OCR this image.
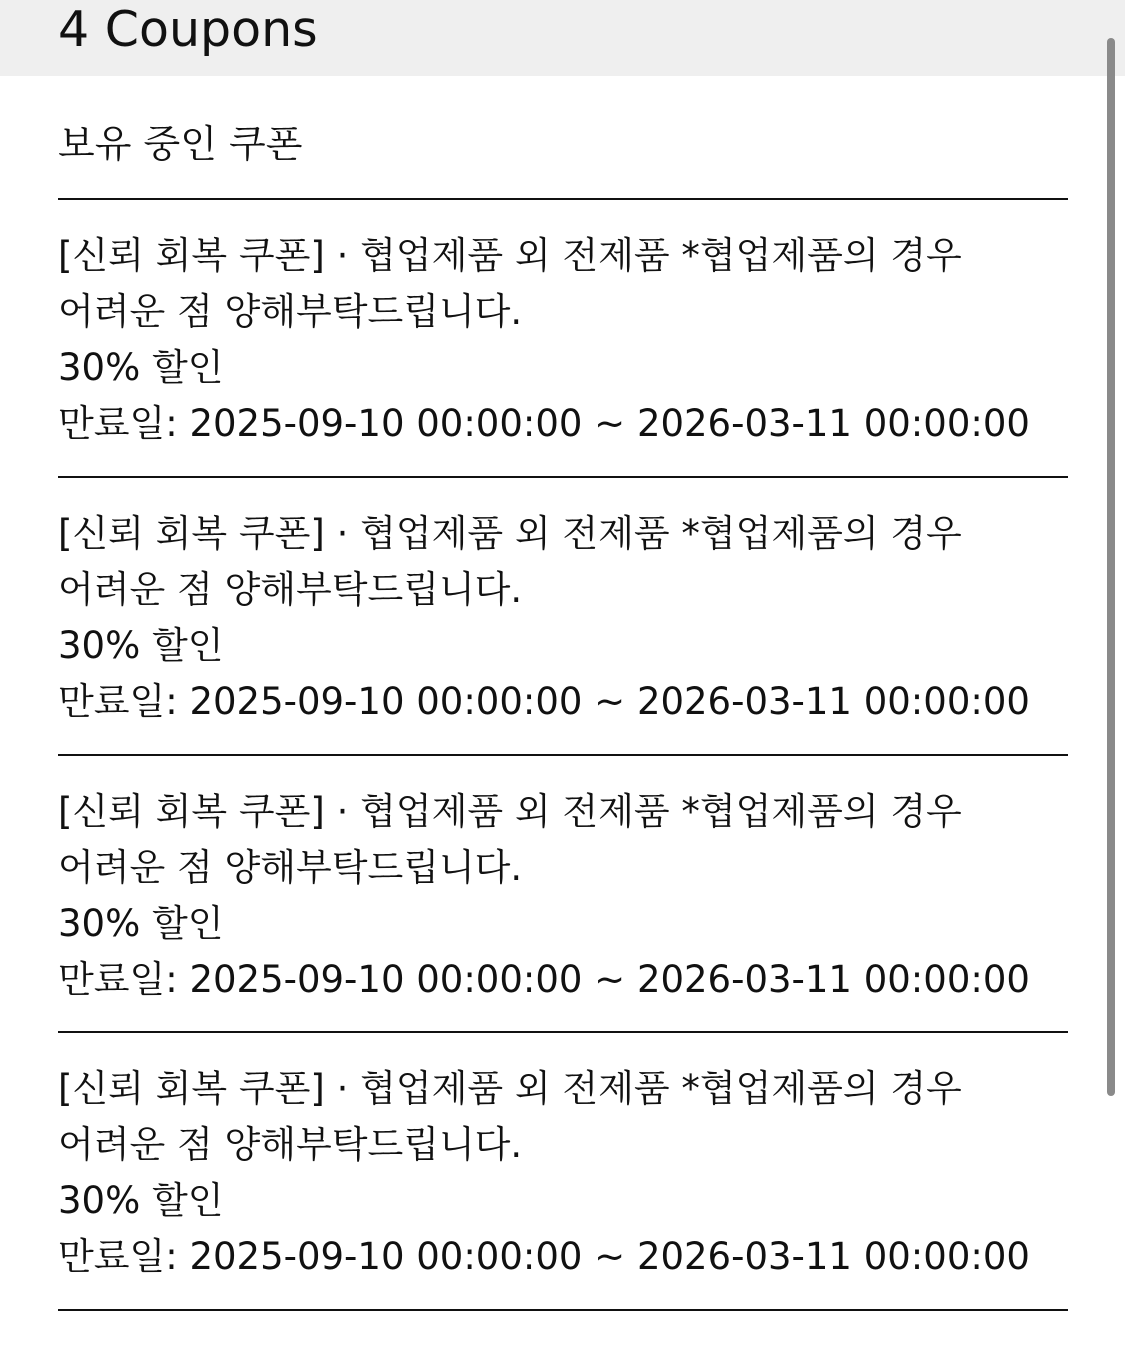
4 Coupons
보유 중인 쿠폰
[신뢰 회복 쿠폰] · 협업제품 외 전제품 *협업제품의 경우 어려운 점 양해부탁드립니다.
30% 할인
만료일: 2025-09-10 00:00:00 ~ 2026-03-11 00:00:00
[신뢰 회복 쿠폰] · 협업제품 외 전제품 *협업제품의 경우 어려운 점 양해부탁드립니다.
30% 할인
만료일: 2025-09-10 00:00:00 ~ 2026-03-11 00:00:00
[신뢰 회복 쿠폰] · 협업제품 외 전제품 *협업제품의 경우 어려운 점 양해부탁드립니다.
30% 할인
만료일: 2025-09-10 00:00:00 ~ 2026-03-11 00:00:00
[신뢰 회복 쿠폰] · 협업제품 외 전제품 *협업제품의 경우 어려운 점 양해부탁드립니다.
30% 할인
만료일: 2025-09-10 00:00:00 ~ 2026-03-11 00:00:00
